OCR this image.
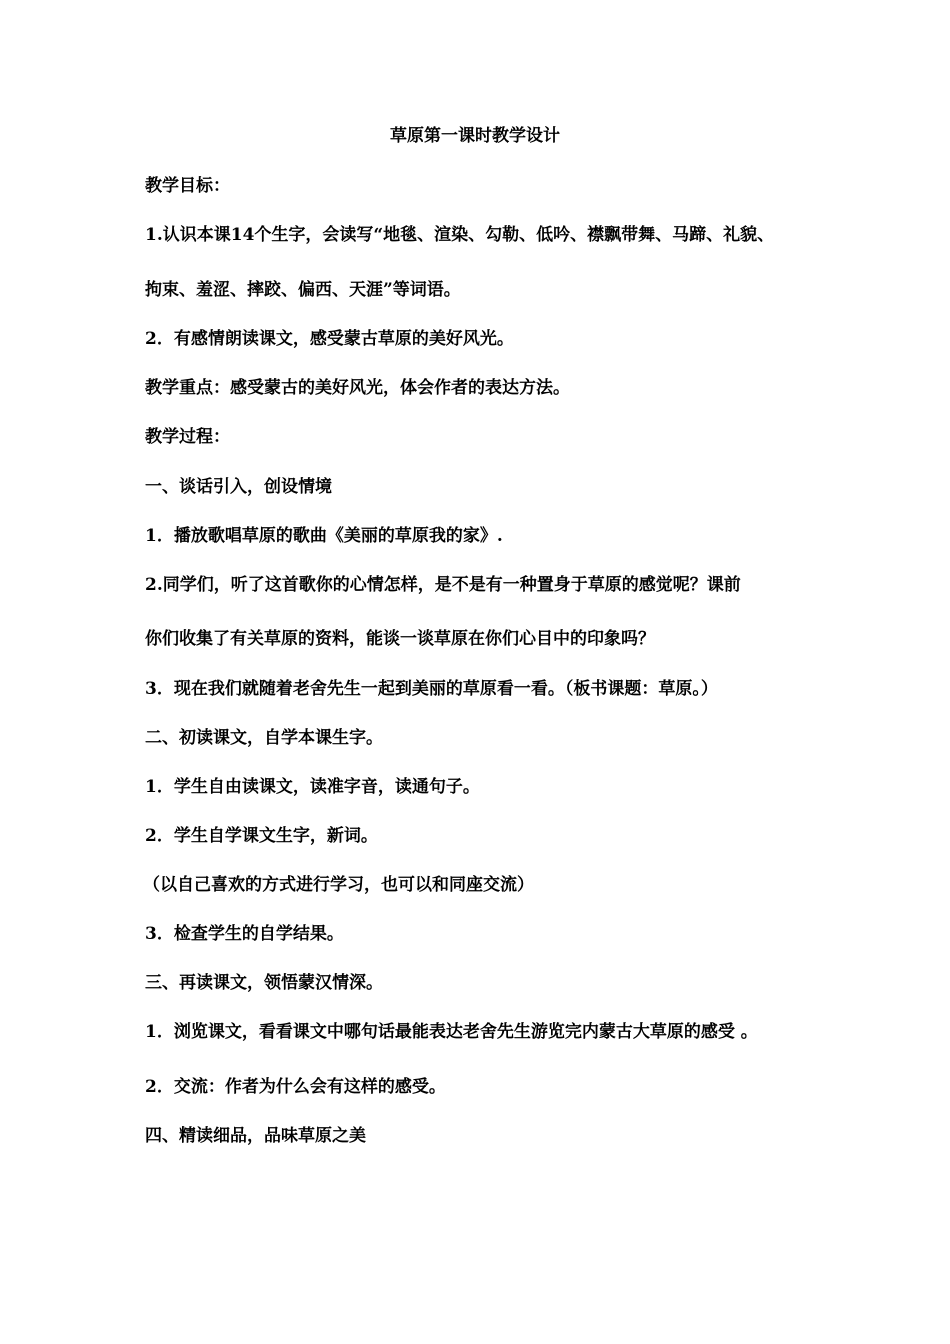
草原第一课时教学设计
教学目标：
1.认识本课14个生字，会读写“地毯、渲染、勾勒、低吟、襟飘带舞、马蹄、礼貌、
拘束、羞涩、摔跤、偏西、天涯”等词语。
2．有感情朗读课文，感受蒙古草原的美好风光。
教学重点：感受蒙古的美好风光，体会作者的表达方法。
教学过程：
一、谈话引入，创设情境
1．播放歌唱草原的歌曲《美丽的草原我的家》.
2.同学们，听了这首歌你的心情怎样，是不是有一种置身于草原的感觉呢？课前
你们收集了有关草原的资料，能谈一谈草原在你们心目中的印象吗？
3．现在我们就随着老舍先生一起到美丽的草原看一看。（板书课题：草原。）
二、初读课文，自学本课生字。
1．学生自由读课文，读准字音，读通句子。
2．学生自学课文生字，新词。
（以自己喜欢的方式进行学习，也可以和同座交流）
3．检查学生的自学结果。
三、再读课文，领悟蒙汉情深。
1．浏览课文，看看课文中哪句话最能表达老舍先生游览完内蒙古大草原的感受 。
2．交流：作者为什么会有这样的感受。
四、精读细品，品味草原之美
